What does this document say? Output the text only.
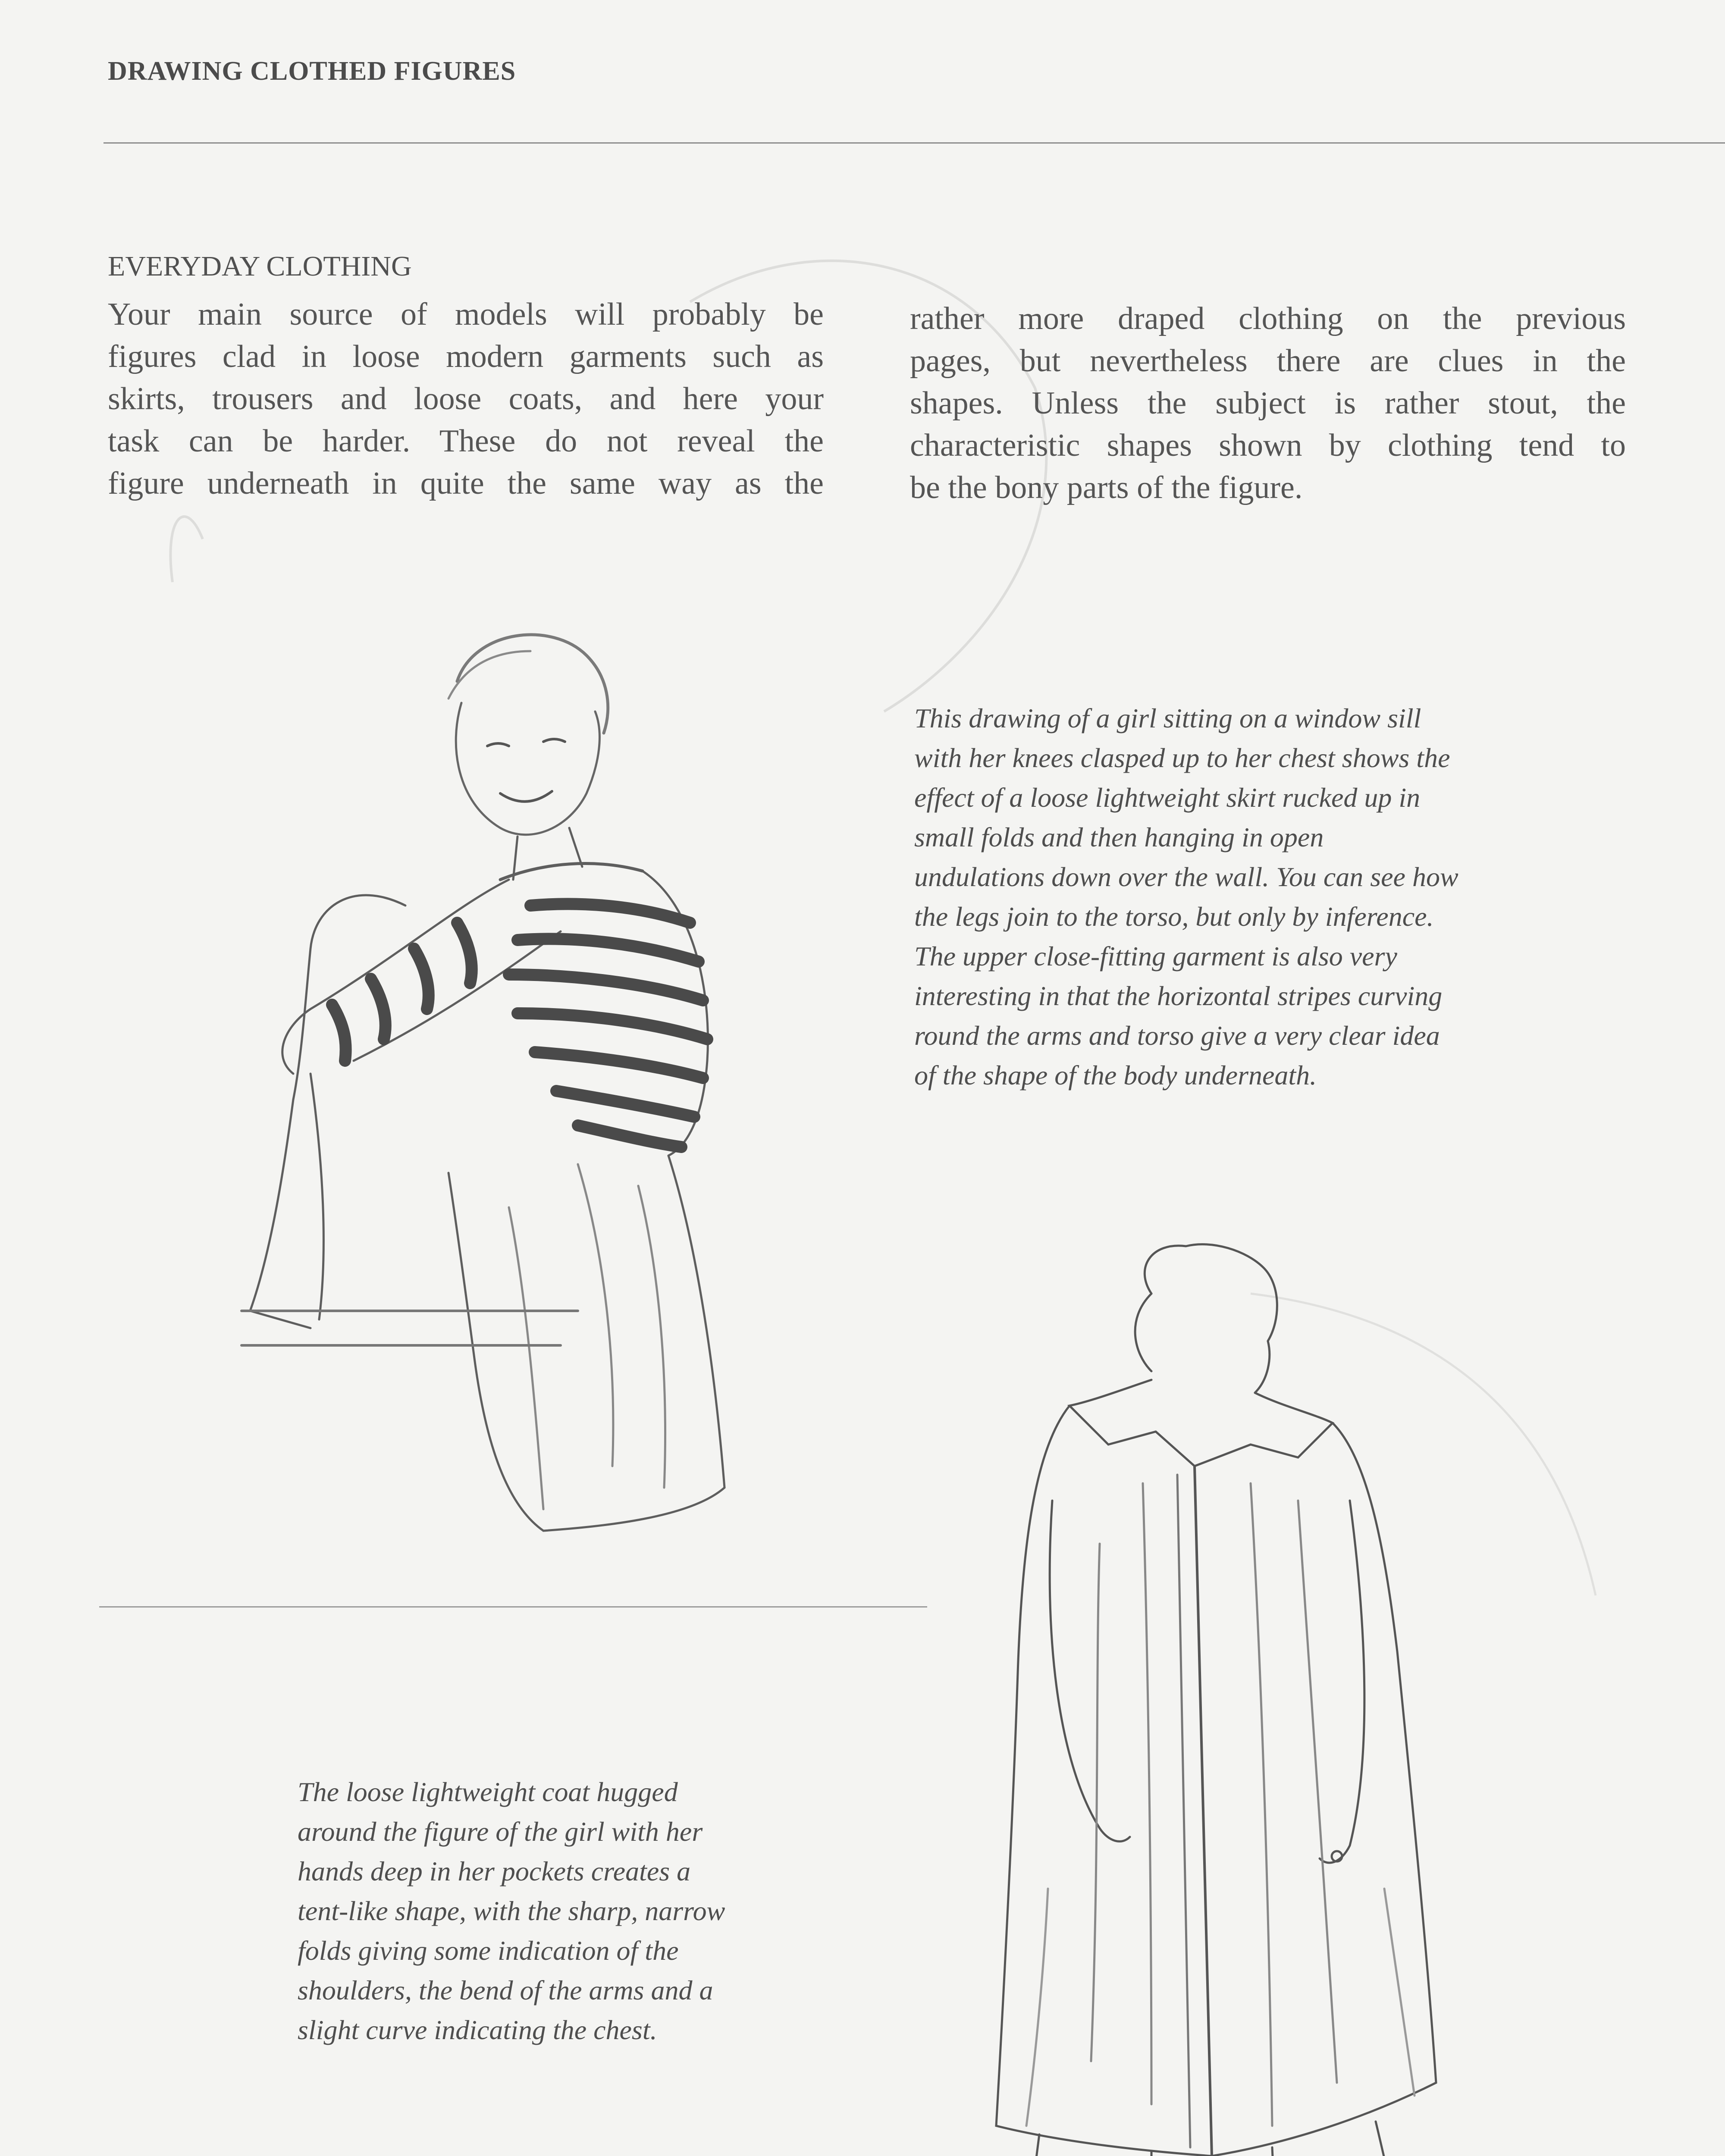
DRAWING CLOTHED FIGURES
EVERYDAY CLOTHING
Your main source of models will probably be
figures clad in loose modern garments such as
skirts, trousers and loose coats, and here your
task can be harder. These do not reveal the
figure underneath in quite the same way as the
rather more draped clothing on the previous
pages, but nevertheless there are clues in the
shapes. Unless the subject is rather stout, the
characteristic shapes shown by clothing tend to
be the bony parts of the figure.
This drawing of a girl sitting on a window sill
with her knees clasped up to her chest shows the
effect of a loose lightweight skirt rucked up in
small folds and then hanging in open
undulations down over the wall. You can see how
the legs join to the torso, but only by inference.
The upper close-fitting garment is also very
interesting in that the horizontal stripes curving
round the arms and torso give a very clear idea
of the shape of the body underneath.
The loose lightweight coat hugged
around the figure of the girl with her
hands deep in her pockets creates a
tent-like shape, with the sharp, narrow
folds giving some indication of the
shoulders, the bend of the arms and a
slight curve indicating the chest.
